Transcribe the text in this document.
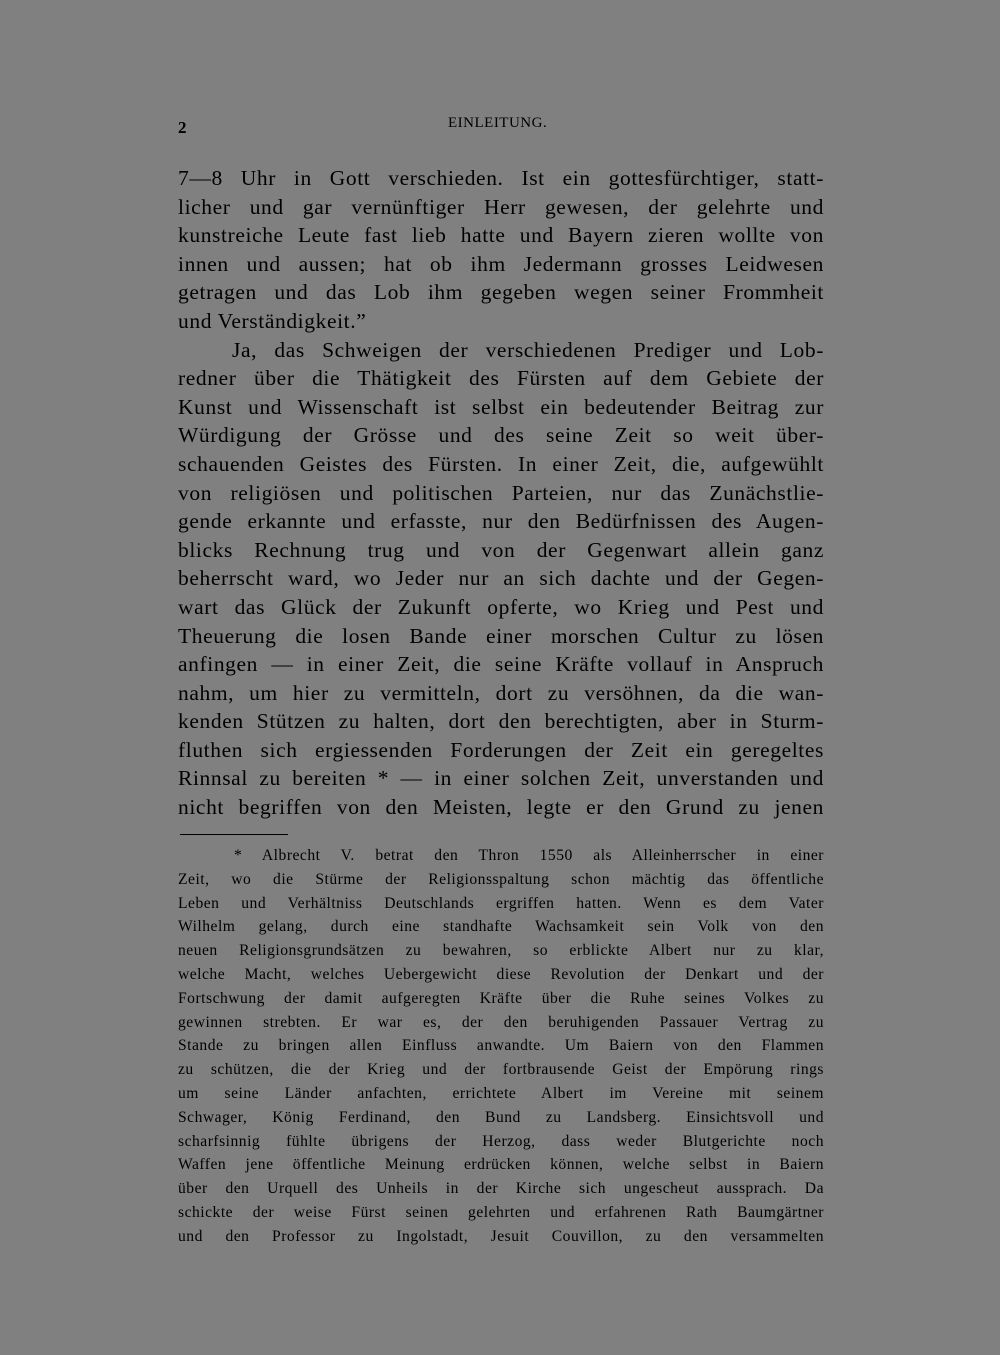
2	EINLEITUNG.
7—8 Uhr in Gott verschieden. Ist ein gottesfürchtiger, statt-
licher und gar vernünftiger Herr gewesen, der gelehrte und
kunstreiche Leute fast lieb hatte und Bayern zieren wollte von
innen und aussen; hat ob ihm Jedermann grosses Leidwesen
getragen und das Lob ihm gegeben wegen seiner Frommheit
und Verständigkeit.”
Ja, das Schweigen der verschiedenen Prediger und Lob-
redner über die Thätigkeit des Fürsten auf dem Gebiete der
Kunst und Wissenschaft ist selbst ein bedeutender Beitrag zur
Würdigung der Grösse und des seine Zeit so weit über-
schauenden Geistes des Fürsten. In einer Zeit, die, aufgewühlt
von religiösen und politischen Parteien, nur das Zunächstlie-
gende erkannte und erfasste, nur den Bedürfnissen des Augen-
blicks Rechnung trug und von der Gegenwart allein ganz
beherrscht ward, wo Jeder nur an sich dachte und der Gegen-
wart das Glück der Zukunft opferte, wo Krieg und Pest und
Theuerung die losen Bande einer morschen Cultur zu lösen
anfingen — in einer Zeit, die seine Kräfte vollauf in Anspruch
nahm, um hier zu vermitteln, dort zu versöhnen, da die wan-
kenden Stützen zu halten, dort den berechtigten, aber in Sturm-
fluthen sich ergiessenden Forderungen der Zeit ein geregeltes
Rinnsal zu bereiten * — in einer solchen Zeit, unverstanden und
nicht begriffen von den Meisten, legte er den Grund zu jenen
* Albrecht V. betrat den Thron 1550 als Alleinherrscher in einer
Zeit, wo die Stürme der Religionsspaltung schon mächtig das öffentliche
Leben und Verhältniss Deutschlands ergriffen hatten. Wenn es dem Vater
Wilhelm gelang, durch eine standhafte Wachsamkeit sein Volk von den
neuen Religionsgrundsätzen zu bewahren, so erblickte Albert nur zu klar,
welche Macht, welches Uebergewicht diese Revolution der Denkart und der
Fortschwung der damit aufgeregten Kräfte über die Ruhe seines Volkes zu
gewinnen strebten. Er war es, der den beruhigenden Passauer Vertrag zu
Stande zu bringen allen Einfluss anwandte. Um Baiern von den Flammen
zu schützen, die der Krieg und der fortbrausende Geist der Empörung rings
um seine Länder anfachten, errichtete Albert im Vereine mit seinem
Schwager, König Ferdinand, den Bund zu Landsberg. Einsichtsvoll und
scharfsinnig fühlte übrigens der Herzog, dass weder Blutgerichte noch
Waffen jene öffentliche Meinung erdrücken können, welche selbst in Baiern
über den Urquell des Unheils in der Kirche sich ungescheut aussprach. Da
schickte der weise Fürst seinen gelehrten und erfahrenen Rath Baumgärtner
und den Professor zu Ingolstadt, Jesuit Couvillon, zu den versammelten
